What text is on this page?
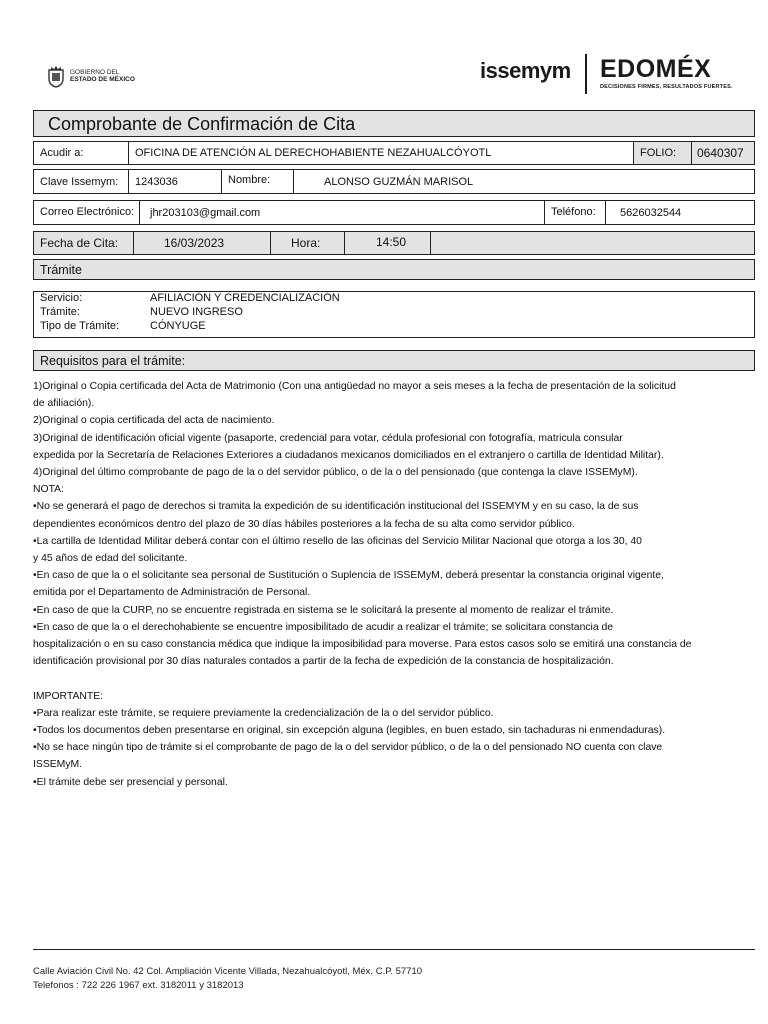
GOBIERNO DEL
ESTADO DE MÉXICO	issemym EDOMÉX
DECISIONES FIRMES, RESULTADOS FUERTES.
Comprobante de Confirmación de Cita
Acudir a:	OFICINA DE ATENCIÓN AL DERECHOHABIENTE NEZAHUALCÓYOTL	FOLIO:	0640307
Clave Issemym:	1243036	Nombre:	ALONSO GUZMÁN MARISOL
Correo Electrónico:	jhr203103@gmail.com	Teléfono:	5626032544
Fecha de Cita:	16/03/2023	Hora:	14:50
Trámite
Servicio:	AFILIACIÓN Y CREDENCIALIZACIÓN
Trámite:	NUEVO INGRESO
Tipo de Trámite:	CÓNYUGE
Requisitos para el trámite:

1)Original o Copia certificada del Acta de Matrimonio (Con una antigüedad no mayor a seis meses a la fecha de presentación de la solicitud

de afiliación).

2)Original o copia certificada del acta de nacimiento.

3)Original de identificación oficial vigente (pasaporte, credencial para votar, cédula profesional con fotografía, matricula consular

expedida por la Secretaría de Relaciones Exteriores a ciudadanos mexicanos domiciliados en el extranjero o cartilla de Identidad Militar).

4)Original del último comprobante de pago de la o del servidor público, o de la o del pensionado (que contenga la clave ISSEMyM).

NOTA:

•No se generará el pago de derechos si tramita la expedición de su identificación institucional del ISSEMYM y en su caso, la de sus

dependientes económicos dentro del plazo de 30 días hábiles posteriores a la fecha de su alta como servidor público.

•La cartilla de Identidad Militar deberá contar con el último resello de las oficinas del Servicio Militar Nacional que otorga a los 30, 40

y 45 años de edad del solicitante.

•En caso de que la o el solicitante sea personal de Sustitución o Suplencia de ISSEMyM, deberá presentar la constancia original vigente,

emitida por el Departamento de Administración de Personal.

•En caso de que la CURP, no se encuentre registrada en sistema se le solicitará la presente al momento de realizar el trámite.

•En caso de que la o el derechohabiente se encuentre imposibilitado de acudir a realizar el trámite; se solicitara constancia de

hospitalización o en su caso constancia médica que indique la imposibilidad para moverse. Para estos casos solo se emitirá una constancia de

identificación provisional por 30 días naturales contados a partir de la fecha de expedición de la constancia de hospitalización.

IMPORTANTE:

•Para realizar este trámite, se requiere previamente la credencialización de la o del servidor público.

•Todos los documentos deben presentarse en original, sin excepción alguna (legibles, en buen estado, sin tachaduras ni enmendaduras).

•No se hace ningún tipo de trámite si el comprobante de pago de la o del servidor público, o de la o del pensionado NO cuenta con clave

ISSEMyM.

•El trámite debe ser presencial y personal.

Calle Aviación Civil No. 42 Col. Ampliación Vicente Villada, Nezahualcóyotl, Méx. C.P. 57710
Telefonos : 722 226 1967 ext. 3182011 y 3182013
